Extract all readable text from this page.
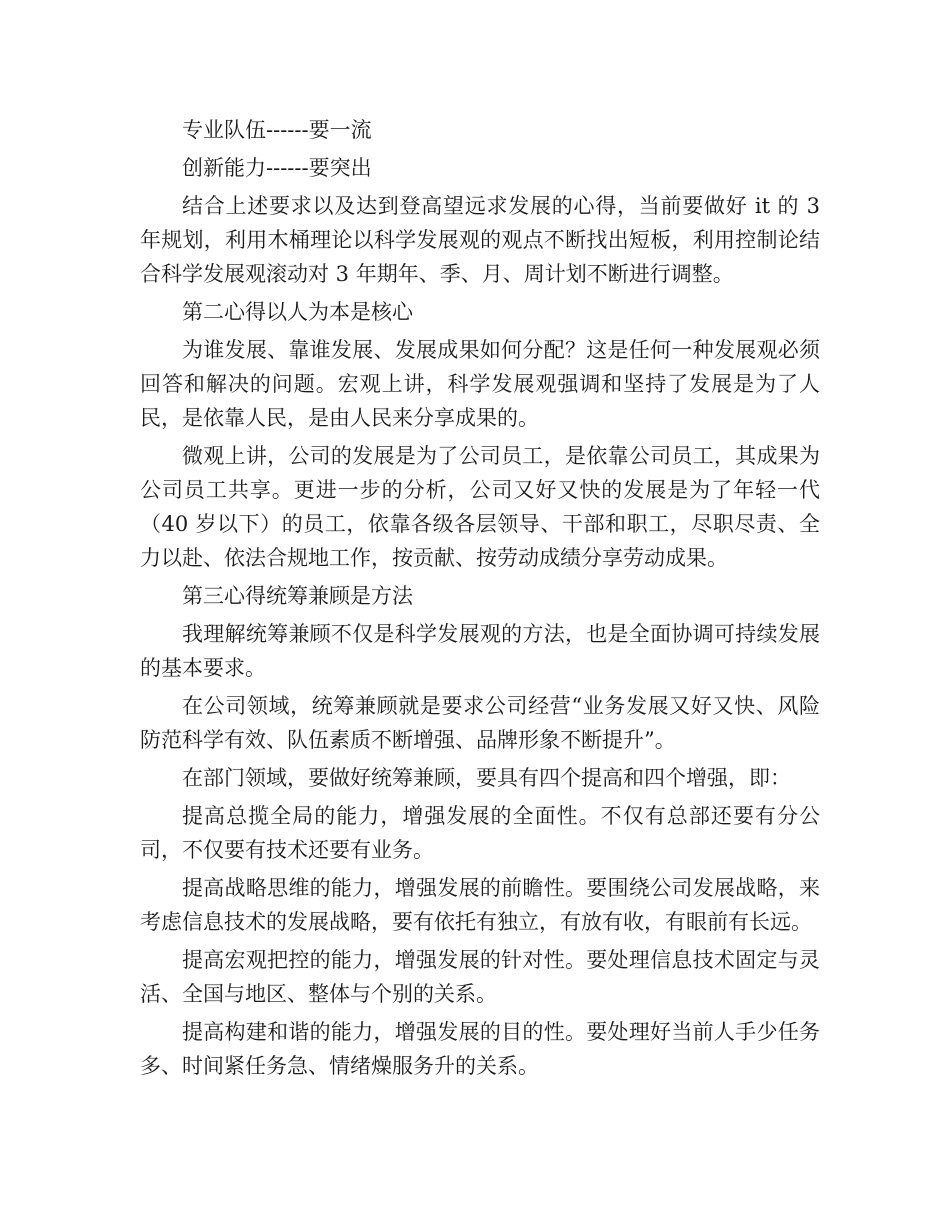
专业队伍------要一流

创新能力------要突出

结合上述要求以及达到登高望远求发展的心得，当前要做好 it 的 3 年规划，利用木桶理论以科学发展观的观点不断找出短板，利用控制论结合科学发展观滚动对 3 年期年、季、月、周计划不断进行调整。

第二心得以人为本是核心

为谁发展、靠谁发展、发展成果如何分配？这是任何一种发展观必须回答和解决的问题。宏观上讲，科学发展观强调和坚持了发展是为了人民，是依靠人民，是由人民来分享成果的。

微观上讲，公司的发展是为了公司员工，是依靠公司员工，其成果为公司员工共享。更进一步的分析，公司又好又快的发展是为了年轻一代（40 岁以下）的员工，依靠各级各层领导、干部和职工，尽职尽责、全力以赴、依法合规地工作，按贡献、按劳动成绩分享劳动成果。

第三心得统筹兼顾是方法

我理解统筹兼顾不仅是科学发展观的方法，也是全面协调可持续发展的基本要求。

在公司领域，统筹兼顾就是要求公司经营“业务发展又好又快、风险防范科学有效、队伍素质不断增强、品牌形象不断提升”。

在部门领域，要做好统筹兼顾，要具有四个提高和四个增强，即：

提高总揽全局的能力，增强发展的全面性。不仅有总部还要有分公司，不仅要有技术还要有业务。

提高战略思维的能力，增强发展的前瞻性。要围绕公司发展战略，来考虑信息技术的发展战略，要有依托有独立，有放有收，有眼前有长远。

提高宏观把控的能力，增强发展的针对性。要处理信息技术固定与灵活、全国与地区、整体与个别的关系。

提高构建和谐的能力，增强发展的目的性。要处理好当前人手少任务多、时间紧任务急、情绪燥服务升的关系。
